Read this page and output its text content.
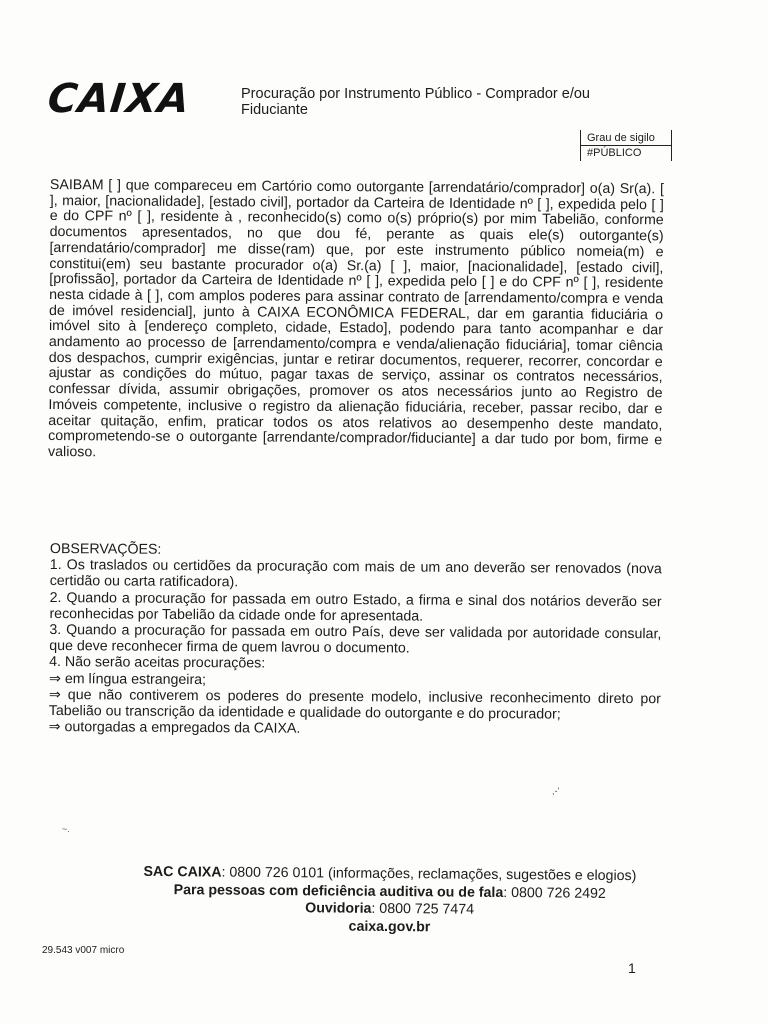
CAIXA	Procuração por Instrumento Público - Comprador e/ou Fiduciante
Grau de sigilo
#PÚBLICO
SAIBAM [ ] que compareceu em Cartório como outorgante [arrendatário/comprador] o(a) Sr(a). [ ], maior, [nacionalidade], [estado civil], portador da Carteira de Identidade nº [ ], expedida pelo [ ] e do CPF nº [ ], residente à , reconhecido(s) como o(s) próprio(s) por mim Tabelião, conforme documentos apresentados, no que dou fé, perante as quais ele(s) outorgante(s) [arrendatário/comprador] me disse(ram) que, por este instrumento público nomeia(m) e constitui(em) seu bastante procurador o(a) Sr.(a) [ ], maior, [nacionalidade], [estado civil], [profissão], portador da Carteira de Identidade nº [ ], expedida pelo [ ] e do CPF nº [ ], residente nesta cidade à [ ], com amplos poderes para assinar contrato de [arrendamento/compra e venda de imóvel residencial], junto à CAIXA ECONÔMICA FEDERAL, dar em garantia fiduciária o imóvel sito à [endereço completo, cidade, Estado], podendo para tanto acompanhar e dar andamento ao processo de [arrendamento/compra e venda/alienação fiduciária], tomar ciência dos despachos, cumprir exigências, juntar e retirar documentos, requerer, recorrer, concordar e ajustar as condições do mútuo, pagar taxas de serviço, assinar os contratos necessários, confessar dívida, assumir obrigações, promover os atos necessários junto ao Registro de Imóveis competente, inclusive o registro da alienação fiduciária, receber, passar recibo, dar e aceitar quitação, enfim, praticar todos os atos relativos ao desempenho deste mandato, comprometendo-se o outorgante [arrendante/comprador/fiduciante] a dar tudo por bom, firme e valioso.

OBSERVAÇÕES:

1. Os traslados ou certidões da procuração com mais de um ano deverão ser renovados (nova certidão ou carta ratificadora).

2. Quando a procuração for passada em outro Estado, a firma e sinal dos notários deverão ser reconhecidas por Tabelião da cidade onde for apresentada.

3. Quando a procuração for passada em outro País, deve ser validada por autoridade consular, que deve reconhecer firma de quem lavrou o documento.

4. Não serão aceitas procurações:

⇒ em língua estrangeira;

⇒ que não contiverem os poderes do presente modelo, inclusive reconhecimento direto por Tabelião ou transcrição da identidade e qualidade do outorgante e do procurador;

⇒ outorgadas a empregados da CAIXA.

SAC CAIXA: 0800 726 0101 (informações, reclamações, sugestões e elogios)
Para pessoas com deficiência auditiva ou de fala: 0800 726 2492
Ouvidoria: 0800 725 7474
caixa.gov.br
29.543 v007 micro
1
,-'
~.
